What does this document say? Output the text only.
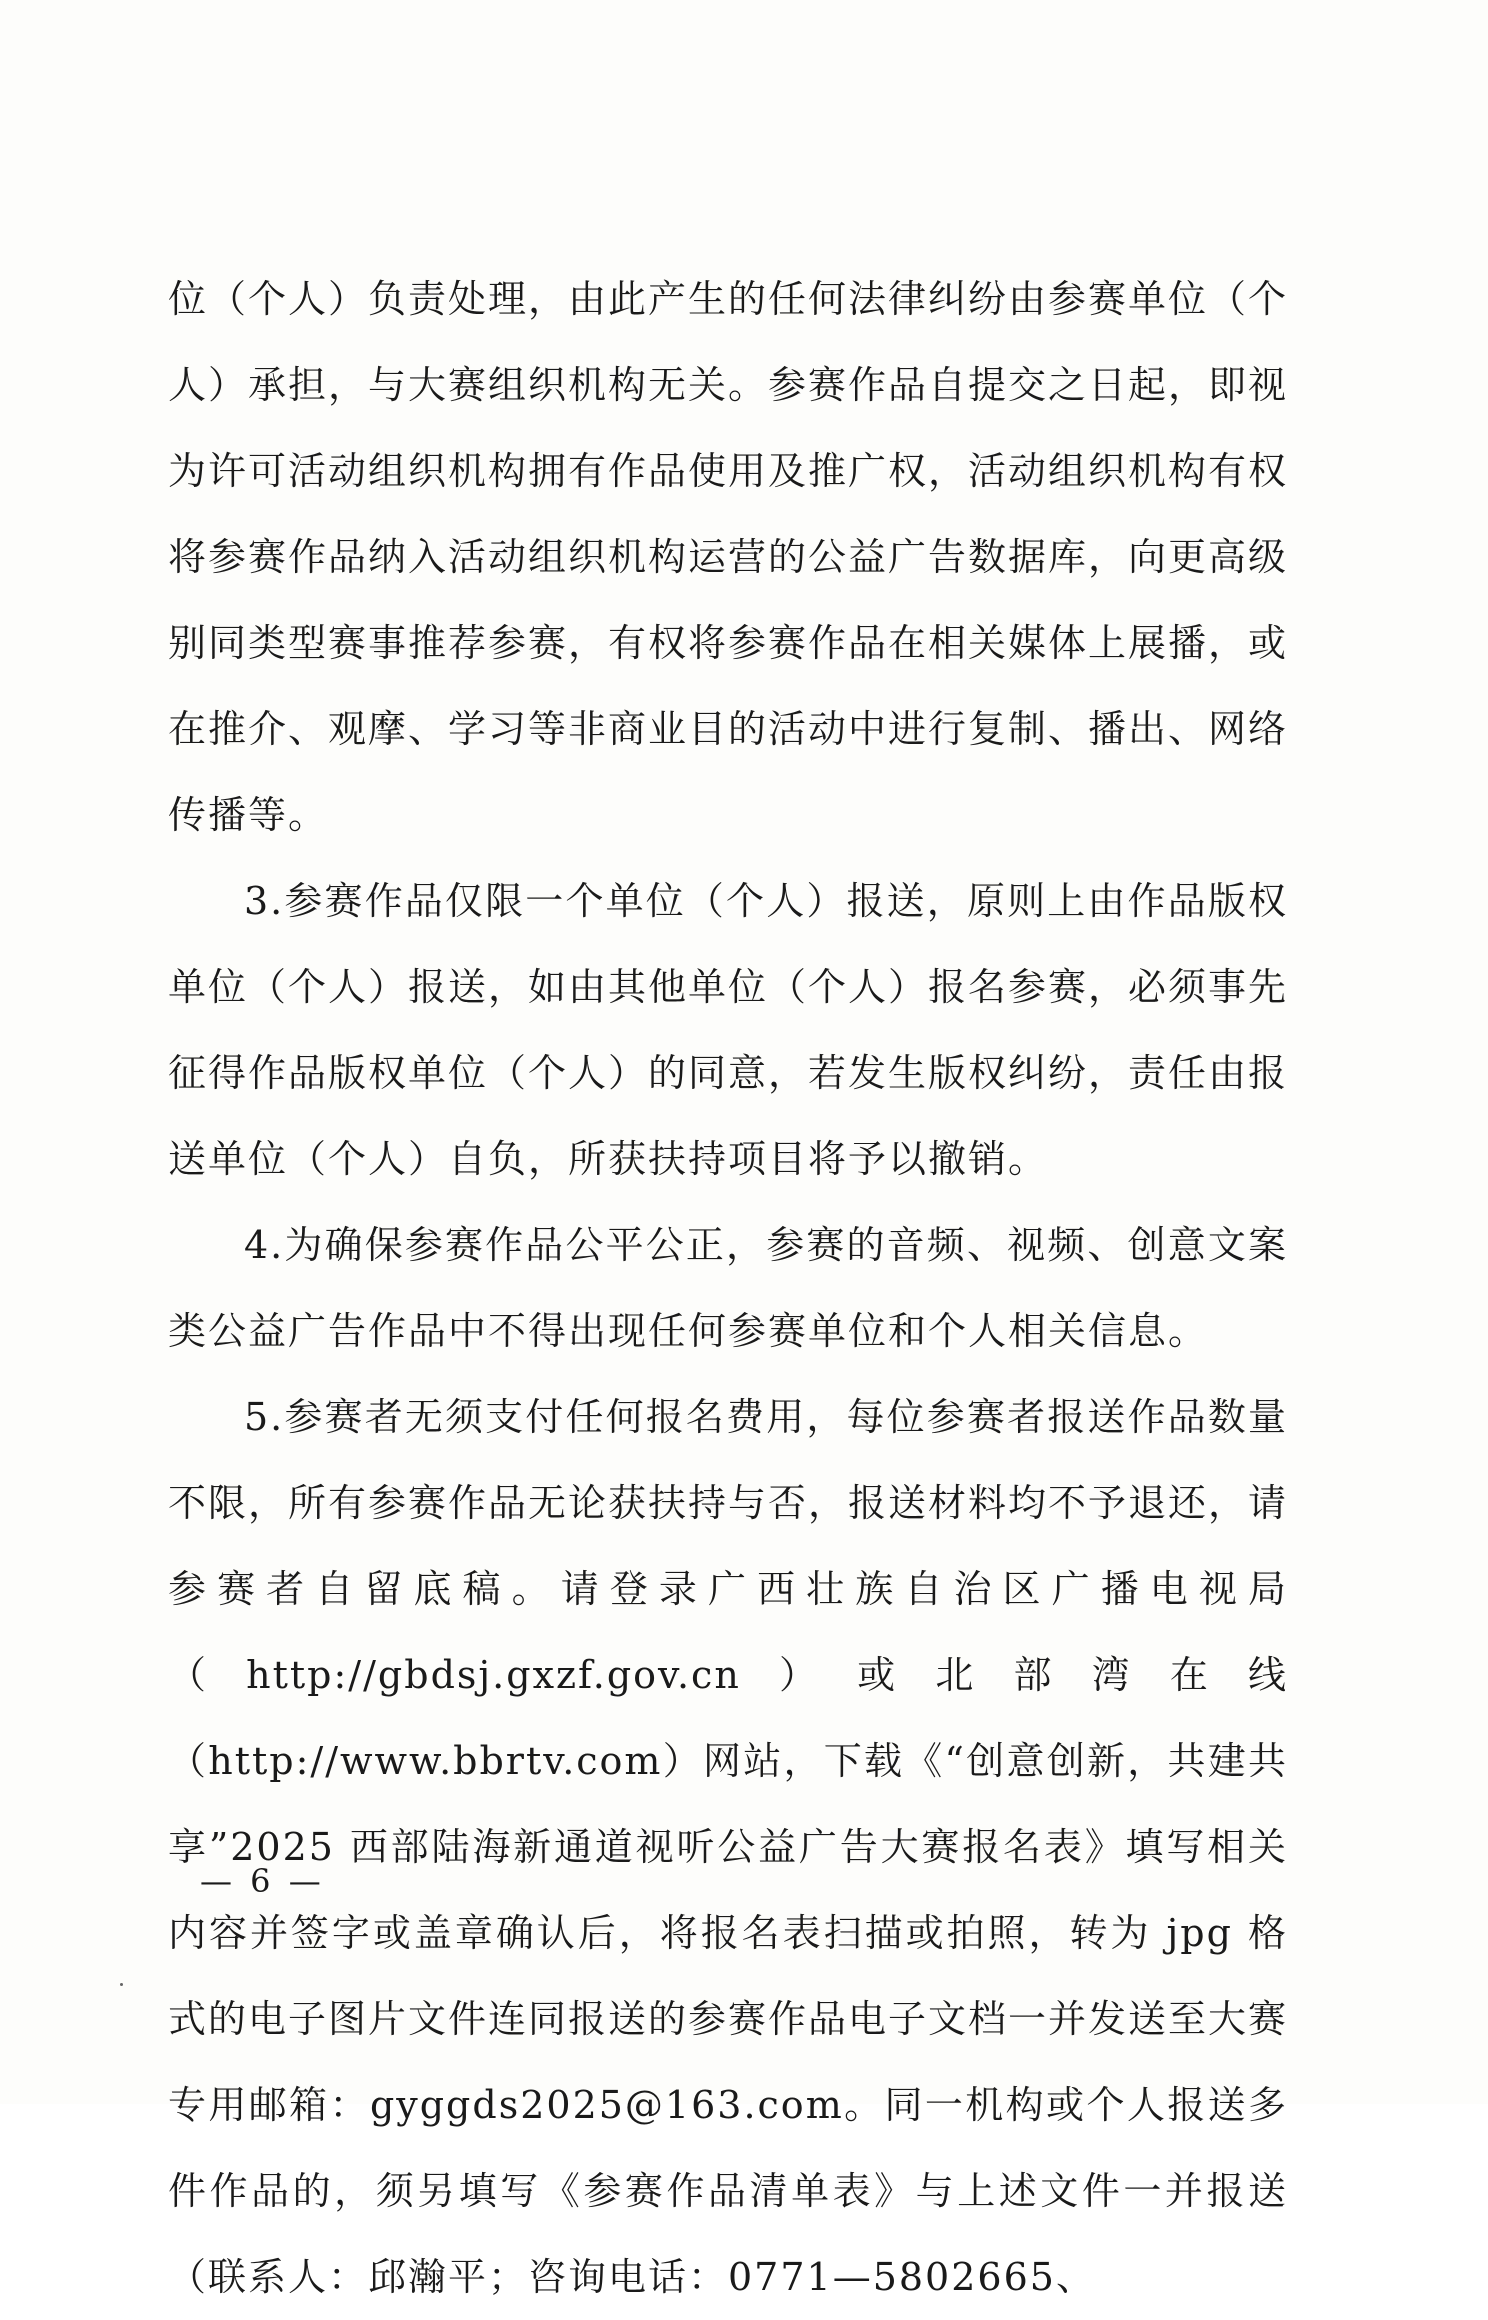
位（个人）负责处理，由此产生的任何法律纠纷由参赛单位（个人）承担，与大赛组织机构无关。参赛作品自提交之日起，即视为许可活动组织机构拥有作品使用及推广权，活动组织机构有权将参赛作品纳入活动组织机构运营的公益广告数据库，向更高级别同类型赛事推荐参赛，有权将参赛作品在相关媒体上展播，或在推介、观摩、学习等非商业目的活动中进行复制、播出、网络传播等。

3.参赛作品仅限一个单位（个人）报送，原则上由作品版权单位（个人）报送，如由其他单位（个人）报名参赛，必须事先征得作品版权单位（个人）的同意，若发生版权纠纷，责任由报送单位（个人）自负，所获扶持项目将予以撤销。

4.为确保参赛作品公平公正，参赛的音频、视频、创意文案类公益广告作品中不得出现任何参赛单位和个人相关信息。

5.参赛者无须支付任何报名费用，每位参赛者报送作品数量不限，所有参赛作品无论获扶持与否，报送材料均不予退还，请参赛者自留底稿。请登录广西壮族自治区广播电视局（http://gbdsj.gxzf.gov.cn）或北部湾在线（http://www.bbrtv.com）网站，下载《“创意创新，共建共享”2025 西部陆海新通道视听公益广告大赛报名表》填写相关内容并签字或盖章确认后，将报名表扫描或拍照，转为 jpg 格式的电子图片文件连同报送的参赛作品电子文档一并发送至大赛专用邮箱：gyggds2025@163.com。同一机构或个人报送多件作品的，须另填写《参赛作品清单表》与上述文件一并报送（联系人：邱瀚平；咨询电话：0771—5802665、

— 6 —
